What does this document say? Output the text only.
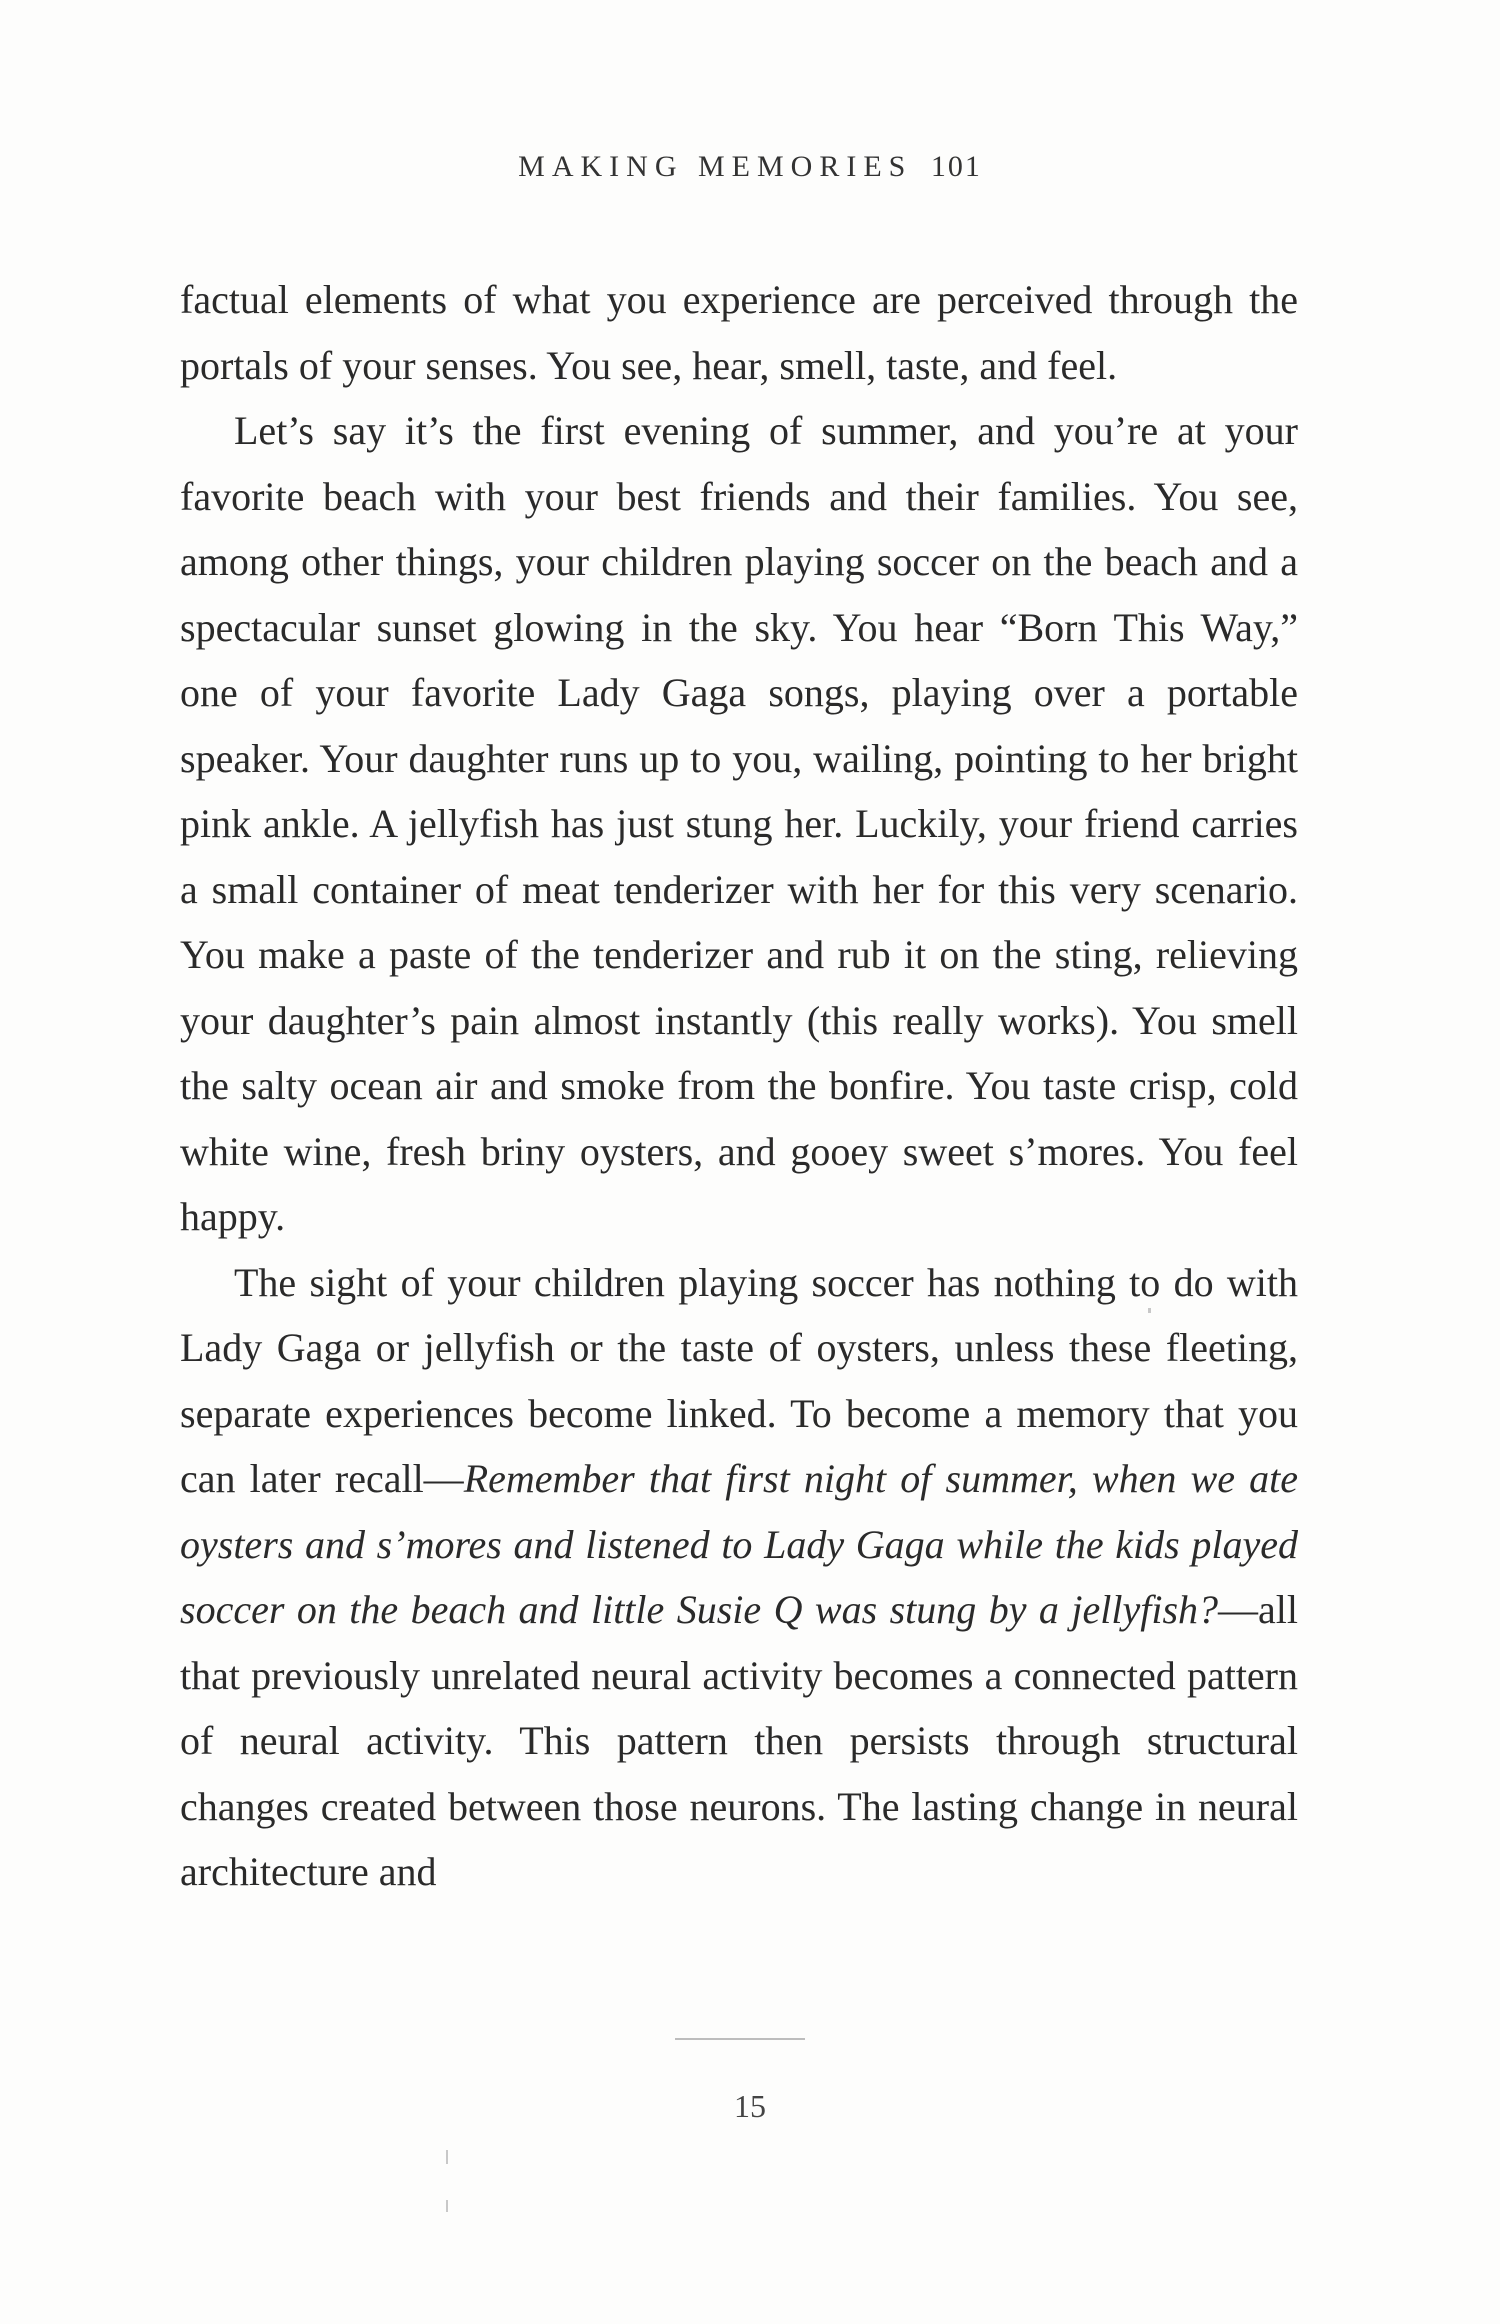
MAKING MEMORIES 101

factual elements of what you experience are perceived through the portals of your senses. You see, hear, smell, taste, and feel.

Let’s say it’s the first evening of summer, and you’re at your favorite beach with your best friends and their families. You see, among other things, your children playing soccer on the beach and a spectacular sunset glowing in the sky. You hear “Born This Way,” one of your favorite Lady Gaga songs, playing over a portable speaker. Your daughter runs up to you, wailing, pointing to her bright pink ankle. A jellyfish has just stung her. Luckily, your friend carries a small container of meat tenderizer with her for this very scenario. You make a paste of the tenderizer and rub it on the sting, relieving your daughter’s pain almost instantly (this really works). You smell the salty ocean air and smoke from the bonfire. You taste crisp, cold white wine, fresh briny oysters, and gooey sweet s’mores. You feel happy.

The sight of your children playing soccer has nothing to do with Lady Gaga or jellyfish or the taste of oysters, unless these fleeting, separate experiences become linked. To become a memory that you can later recall—Remember that first night of summer, when we ate oysters and s’mores and listened to Lady Gaga while the kids played soccer on the beach and little Susie Q was stung by a jellyfish?—all that previously unrelated neural activity becomes a connected pattern of neural activity. This pattern then persists through structural changes created between those neurons. The lasting change in neural architecture and

15
